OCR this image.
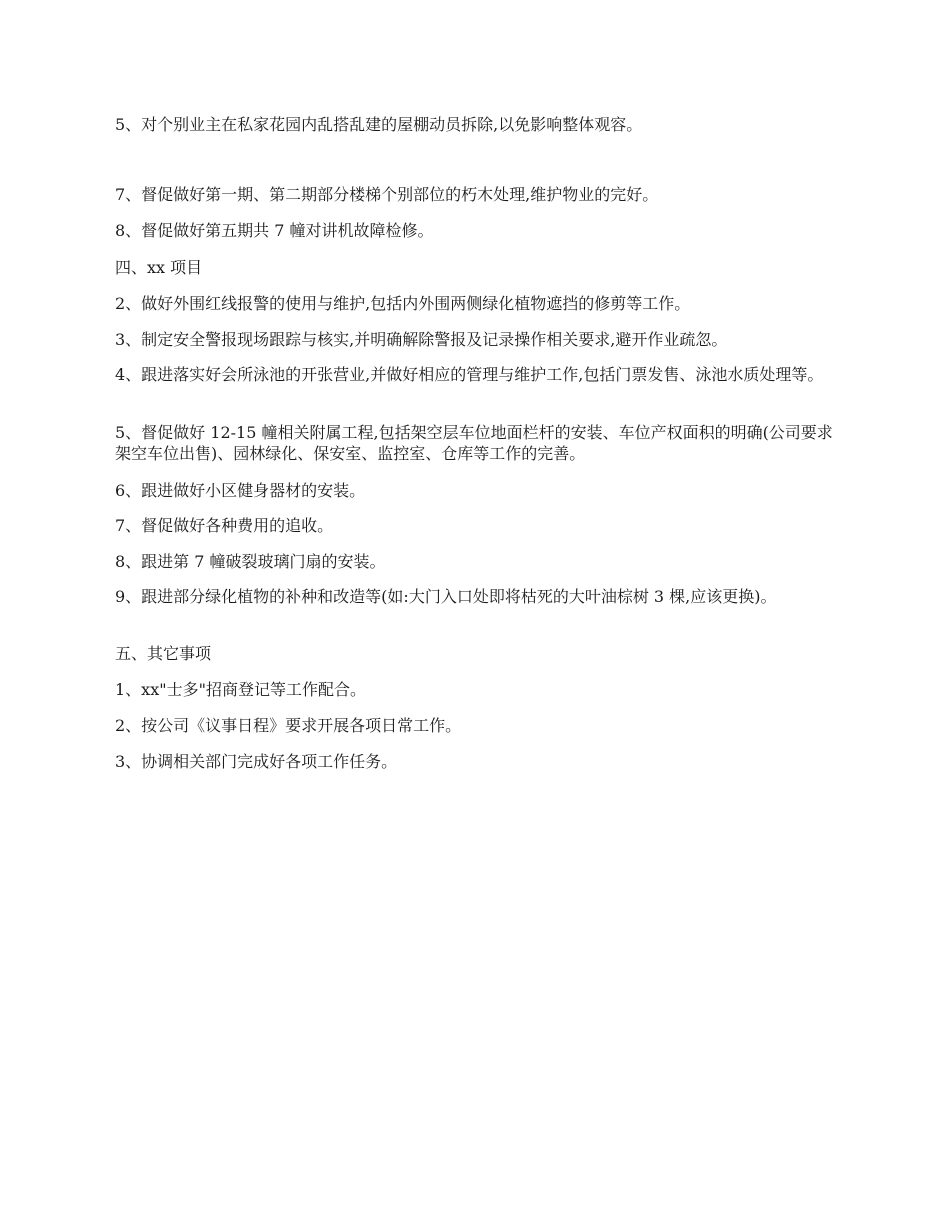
5、对个别业主在私家花园内乱搭乱建的屋棚动员拆除,以免影响整体观容。
7、督促做好第一期、第二期部分楼梯个别部位的朽木处理,维护物业的完好。
8、督促做好第五期共 7 幢对讲机故障检修。
四、xx 项目
2、做好外围红线报警的使用与维护,包括内外围两侧绿化植物遮挡的修剪等工作。
3、制定安全警报现场跟踪与核实,并明确解除警报及记录操作相关要求,避开作业疏忽。
4、跟进落实好会所泳池的开张营业,并做好相应的管理与维护工作,包括门票发售、泳池水质处理等。
5、督促做好 12-15 幢相关附属工程,包括架空层车位地面栏杆的安装、车位产权面积的明确(公司要求架空车位出售)、园林绿化、保安室、监控室、仓库等工作的完善。
6、跟进做好小区健身器材的安装。
7、督促做好各种费用的追收。
8、跟进第 7 幢破裂玻璃门扇的安装。
9、跟进部分绿化植物的补种和改造等(如:大门入口处即将枯死的大叶油棕树 3 棵,应该更换)。
五、其它事项
1、xx"士多"招商登记等工作配合。
2、按公司《议事日程》要求开展各项日常工作。
3、协调相关部门完成好各项工作任务。
